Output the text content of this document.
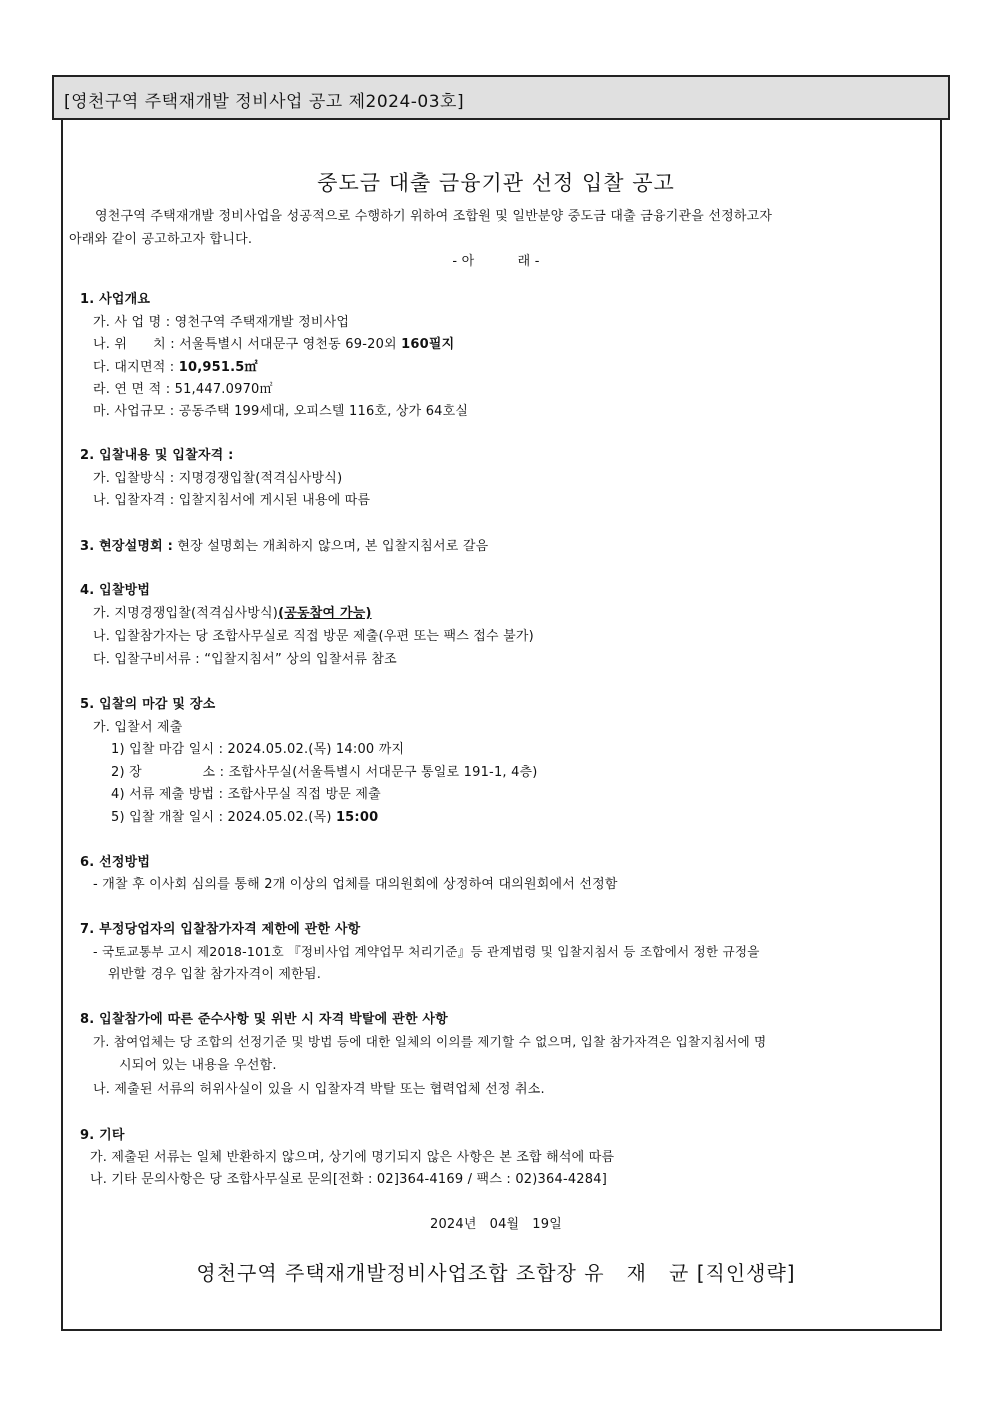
[영천구역 주택재개발 정비사업 공고 제2024-03호]
중도금 대출 금융기관 선정 입찰 공고
영천구역 주택재개발 정비사업을 성공적으로 수행하기 위하여 조합원 및 일반분양 중도금 대출 금융기관을 선정하고자
아래와 같이 공고하고자 합니다.
- 아          래 -
1. 사업개요
가. 사 업 명 : 영천구역 주택재개발 정비사업
나. 위      치 : 서울특별시 서대문구 영천동 69-20외 160필지
다. 대지면적 : 10,951.5㎡
라. 연 면 적 : 51,447.0970㎡
마. 사업규모 : 공동주택 199세대, 오피스텔 116호, 상가 64호실
2. 입찰내용 및 입찰자격 :
가. 입찰방식 : 지명경쟁입찰(적격심사방식)
나. 입찰자격 : 입찰지침서에 게시된 내용에 따름
3. 현장설명회 : 현장 설명회는 개최하지 않으며, 본 입찰지침서로 갈음
4. 입찰방법
가. 지명경쟁입찰(적격심사방식)(공동참여 가능)
나. 입찰참가자는 당 조합사무실로 직접 방문 제출(우편 또는 팩스 접수 불가)
다. 입찰구비서류 : “입찰지침서” 상의 입찰서류 참조
5. 입찰의 마감 및 장소
가. 입찰서 제출
1) 입찰 마감 일시 : 2024.05.02.(목) 14:00 까지
2) 장              소 : 조합사무실(서울특별시 서대문구 통일로 191-1, 4층)
4) 서류 제출 방법 : 조합사무실 직접 방문 제출
5) 입찰 개찰 일시 : 2024.05.02.(목) 15:00
6. 선정방법
- 개찰 후 이사회 심의를 통해 2개 이상의 업체를 대의원회에 상정하여 대의원회에서 선정함
7. 부정당업자의 입찰참가자격 제한에 관한 사항
- 국토교통부 고시 제2018-101호 『정비사업 계약업무 처리기준』등 관계법령 및 입찰지침서 등 조합에서 정한 규정을
위반할 경우 입찰 참가자격이 제한됨.
8. 입찰참가에 따른 준수사항 및 위반 시 자격 박탈에 관한 사항
가. 참여업체는 당 조합의 선정기준 및 방법 등에 대한 일체의 이의를 제기할 수 없으며, 입찰 참가자격은 입찰지침서에 명
시되어 있는 내용을 우선함.
나. 제출된 서류의 허위사실이 있을 시 입찰자격 박탈 또는 협력업체 선정 취소.
9. 기타
가. 제출된 서류는 일체 반환하지 않으며, 상기에 명기되지 않은 사항은 본 조합 해석에 따름
나. 기타 문의사항은 당 조합사무실로 문의[전화 : 02]364-4169 / 팩스 : 02)364-4284]
2024년   04월   19일
영천구역 주택재개발정비사업조합 조합장 유   재   균 [직인생략]
